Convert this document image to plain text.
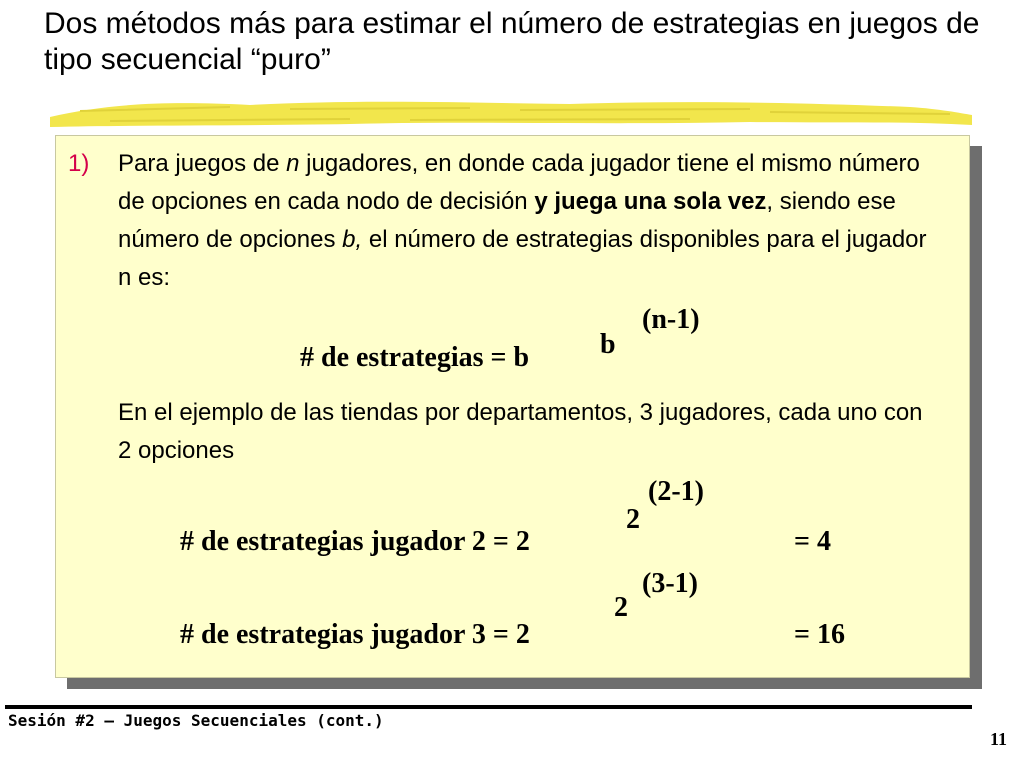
Dos métodos más para estimar el número de estrategias en juegos de tipo secuencial “puro”
1) Para juegos de n jugadores, en donde cada jugador tiene el mismo número de opciones en cada nodo de decisión y juega una sola vez, siendo ese número de opciones b, el número de estrategias disponibles para el jugador n es:
# de estrategias = b	b
(n-1)
En el ejemplo de las tiendas por departamentos, 3 jugadores, cada uno con 2 opciones
(2-1)
2
# de estrategias jugador 2 = 2	= 4
(3-1)
2
# de estrategias jugador 3 = 2	= 16
Sesión #2 – Juegos Secuenciales (cont.)
11
